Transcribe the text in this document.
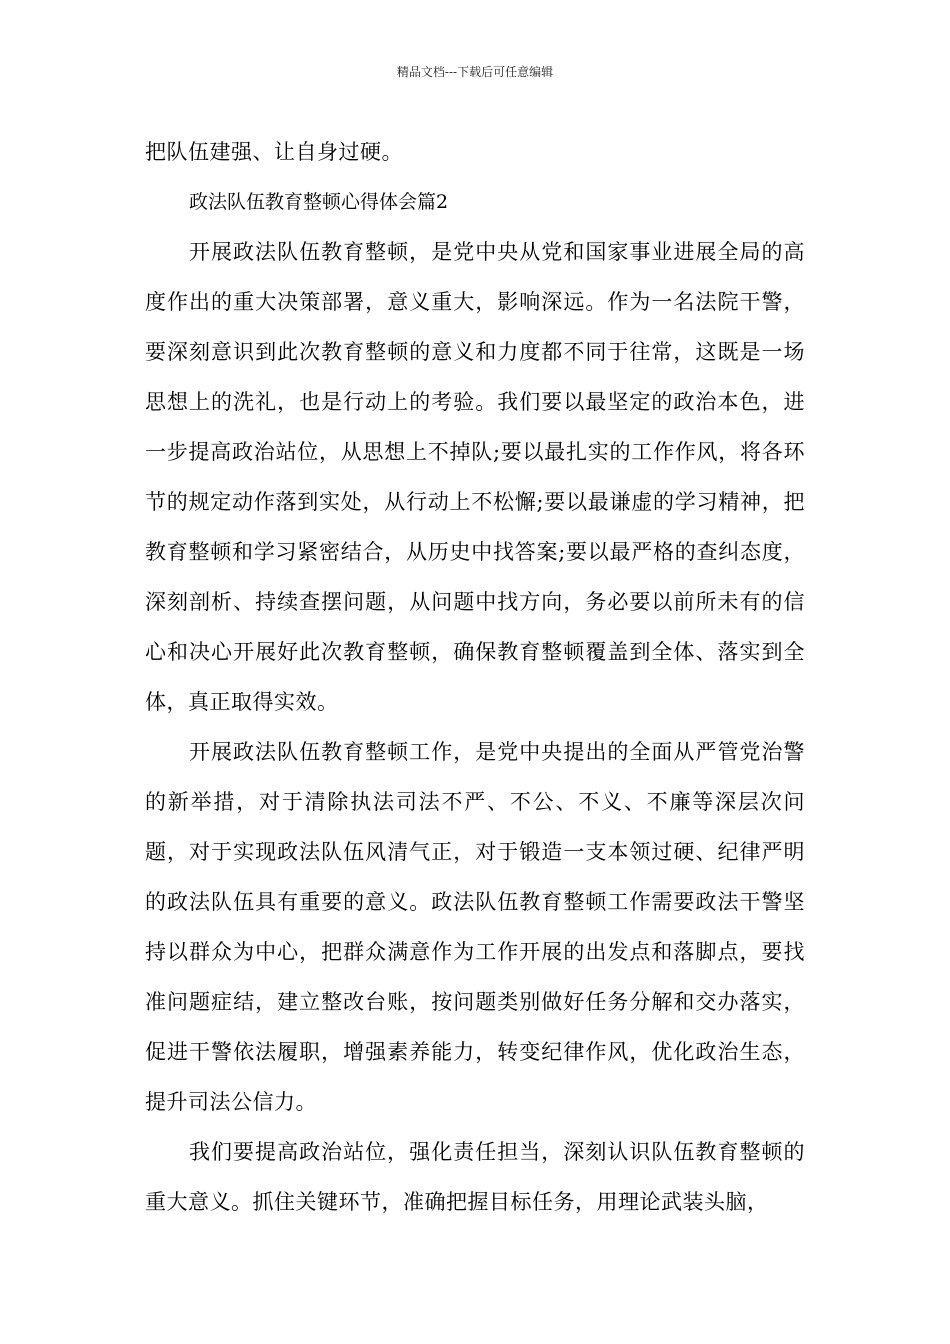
精品文档---下载后可任意编辑

把队伍建强、让自身过硬。

政法队伍教育整顿心得体会篇2

开展政法队伍教育整顿，是党中央从党和国家事业进展全局的高度作出的重大决策部署，意义重大，影响深远。作为一名法院干警，要深刻意识到此次教育整顿的意义和力度都不同于往常，这既是一场思想上的洗礼，也是行动上的考验。我们要以最坚定的政治本色，进一步提高政治站位，从思想上不掉队;要以最扎实的工作作风，将各环节的规定动作落到实处，从行动上不松懈;要以最谦虚的学习精神，把教育整顿和学习紧密结合，从历史中找答案;要以最严格的查纠态度，深刻剖析、持续查摆问题，从问题中找方向，务必要以前所未有的信心和决心开展好此次教育整顿，确保教育整顿覆盖到全体、落实到全体，真正取得实效。

开展政法队伍教育整顿工作，是党中央提出的全面从严管党治警的新举措，对于清除执法司法不严、不公、不义、不廉等深层次问题，对于实现政法队伍风清气正，对于锻造一支本领过硬、纪律严明的政法队伍具有重要的意义。政法队伍教育整顿工作需要政法干警坚持以群众为中心，把群众满意作为工作开展的出发点和落脚点，要找准问题症结，建立整改台账，按问题类别做好任务分解和交办落实，促进干警依法履职，增强素养能力，转变纪律作风，优化政治生态，提升司法公信力。

我们要提高政治站位，强化责任担当，深刻认识队伍教育整顿的重大意义。抓住关键环节，准确把握目标任务，用理论武装头脑，
